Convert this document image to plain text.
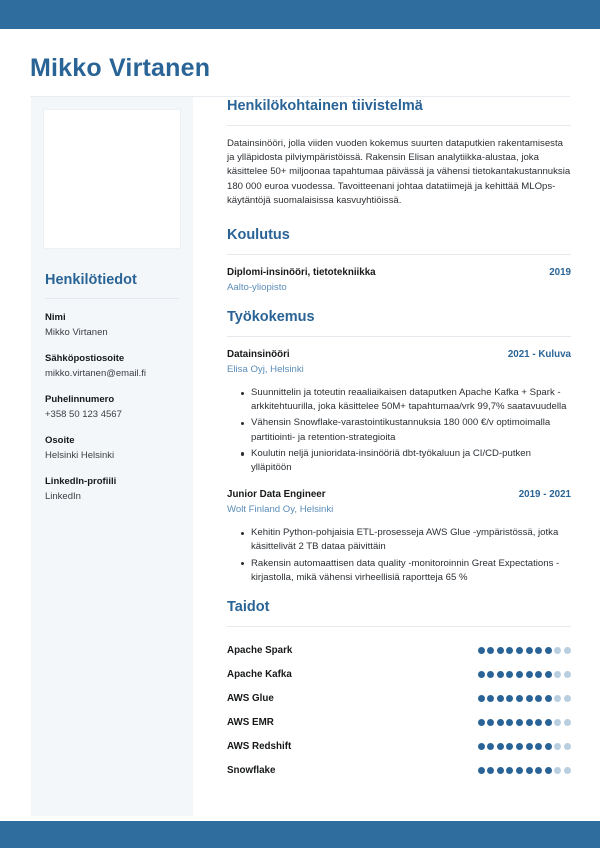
Mikko Virtanen
Henkilötiedot
Nimi
Mikko Virtanen
Sähköpostiosoite
mikko.virtanen@email.fi
Puhelinnumero
+358 50 123 4567
Osoite
Helsinki Helsinki
LinkedIn-profiili
LinkedIn
Henkilökohtainen tiivistelmä

Datainsinööri, jolla viiden vuoden kokemus suurten dataputkien rakentamisesta ja ylläpidosta pilviympäristöissä. Rakensin Elisan analytiikka-alustaa, joka käsittelee 50+ miljoonaa tapahtumaa päivässä ja vähensi tietokantakustannuksia 180 000 euroa vuodessa. Tavoitteenani johtaa datatiimejä ja kehittää MLOps-käytäntöjä suomalaisissa kasvuyhtiöissä.

Koulutus
Diplomi-insinööri, tietotekniikka	2019
Aalto-yliopisto
Työkokemus
Datainsinööri	2021 - Kuluva
Elisa Oyj, Helsinki
Suunnittelin ja toteutin reaaliaikaisen dataputken Apache Kafka + Spark -arkkitehtuurilla, joka käsittelee 50M+ tapahtumaa/vrk 99,7% saatavuudella
Vähensin Snowflake-varastointikustannuksia 180 000 €/v optimoimalla partitiointi- ja retention-strategioita
Koulutin neljä junioridata-insinööriä dbt-työkaluun ja CI/CD-putken ylläpitöön
Junior Data Engineer	2019 - 2021
Wolt Finland Oy, Helsinki
Kehitin Python-pohjaisia ETL-prosesseja AWS Glue -ympäristössä, jotka käsittelivät 2 TB dataa päivittäin
Rakensin automaattisen data quality -monitoroinnin Great Expectations -kirjastolla, mikä vähensi virheellisiä raportteja 65 %
Taidot
Apache Spark
Apache Kafka
AWS Glue
AWS EMR
AWS Redshift
Snowflake
